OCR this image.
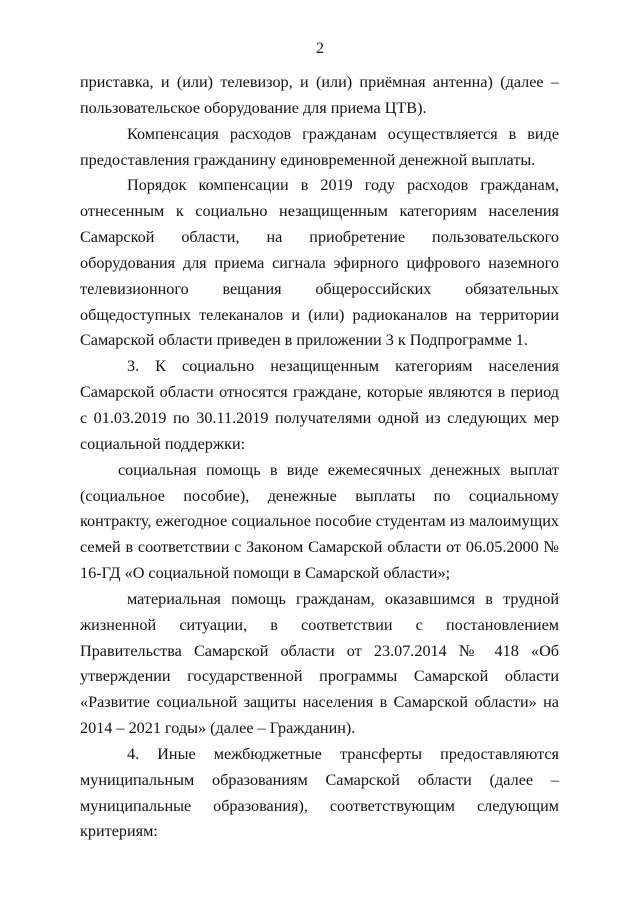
2

приставка, и (или) телевизор, и (или) приёмная антенна) (далее – пользовательское оборудование для приема ЦТВ).

Компенсация расходов гражданам осуществляется в виде предоставления гражданину единовременной денежной выплаты.

Порядок компенсации в 2019 году расходов гражданам, отнесенным к социально незащищенным категориям населения Самарской области, на приобретение пользовательского оборудования для приема сигнала эфирного цифрового наземного телевизионного вещания общероссийских обязательных общедоступных телеканалов и (или) радиоканалов на территории Самарской области приведен в приложении 3 к Подпрограмме 1.

3. К социально незащищенным категориям населения Самарской области относятся граждане, которые являются в период с 01.03.2019 по 30.11.2019 получателями одной из следующих мер социальной поддержки:

социальная помощь в виде ежемесячных денежных выплат (социальное пособие), денежные выплаты по социальному контракту, ежегодное социальное пособие студентам из малоимущих семей в соответствии с Законом Самарской области от 06.05.2000 № 16-ГД «О социальной помощи в Самарской области»;

материальная помощь гражданам, оказавшимся в трудной жизненной ситуации, в соответствии с постановлением Правительства Самарской области от 23.07.2014 № 418 «Об утверждении государственной программы Самарской области «Развитие социальной защиты населения в Самарской области» на 2014 – 2021 годы» (далее – Гражданин).

4. Иные межбюджетные трансферты предоставляются муниципальным образованиям Самарской области (далее – муниципальные образования), соответствующим следующим критериям:
